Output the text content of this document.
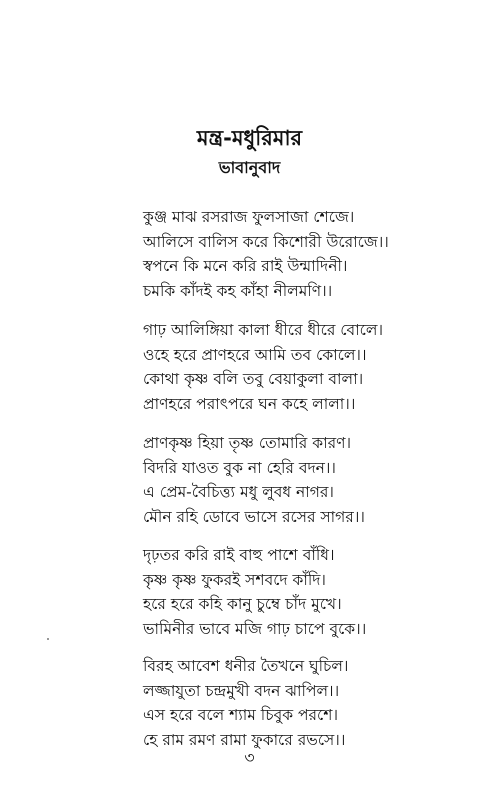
মন্ত্র-মধুরিমার
ভাবানুবাদ
কুঞ্জ মাঝ রসরাজ ফুলসাজা শেজে।
আলিসে বালিস করে কিশোরী উরোজে।।
স্বপনে কি মনে করি রাই উন্মাদিনী।
চমকি কাঁদই কহ কাঁহা নীলমণি।।
গাঢ় আলিঙ্গিয়া কালা ধীরে ধীরে বোলে।
ওহে হরে প্রাণহরে আমি তব কোলে।।
কোথা কৃষ্ণ বলি তবু বেয়াকুলা বালা।
প্রাণহরে পরাৎপরে ঘন কহে লালা।।
প্রাণকৃষ্ণ হিয়া তৃষ্ণ তোমারি কারণ।
বিদরি যাওত বুক না হেরি বদন।।
এ প্রেম-বৈচিত্ত্য মধু লুবধ নাগর।
মৌন রহি ডোবে ভাসে রসের সাগর।।
দৃঢ়তর করি রাই বাহু পাশে বাঁধি।
কৃষ্ণ কৃষ্ণ ফুকরই সশবদে কাঁদি।
হরে হরে কহি কানু চুম্বে চাঁদ মুখে।
ভামিনীর ভাবে মজি গাঢ় চাপে বুকে।।
বিরহ আবেশ ধনীর তৈখনে ঘুচিল।
লজ্জাযুতা চন্দ্রমুখী বদন ঝাপিল।।
এস হরে বলে শ্যাম চিবুক পরশে।
হে রাম রমণ রামা ফুকারে রভসে।।
৩
